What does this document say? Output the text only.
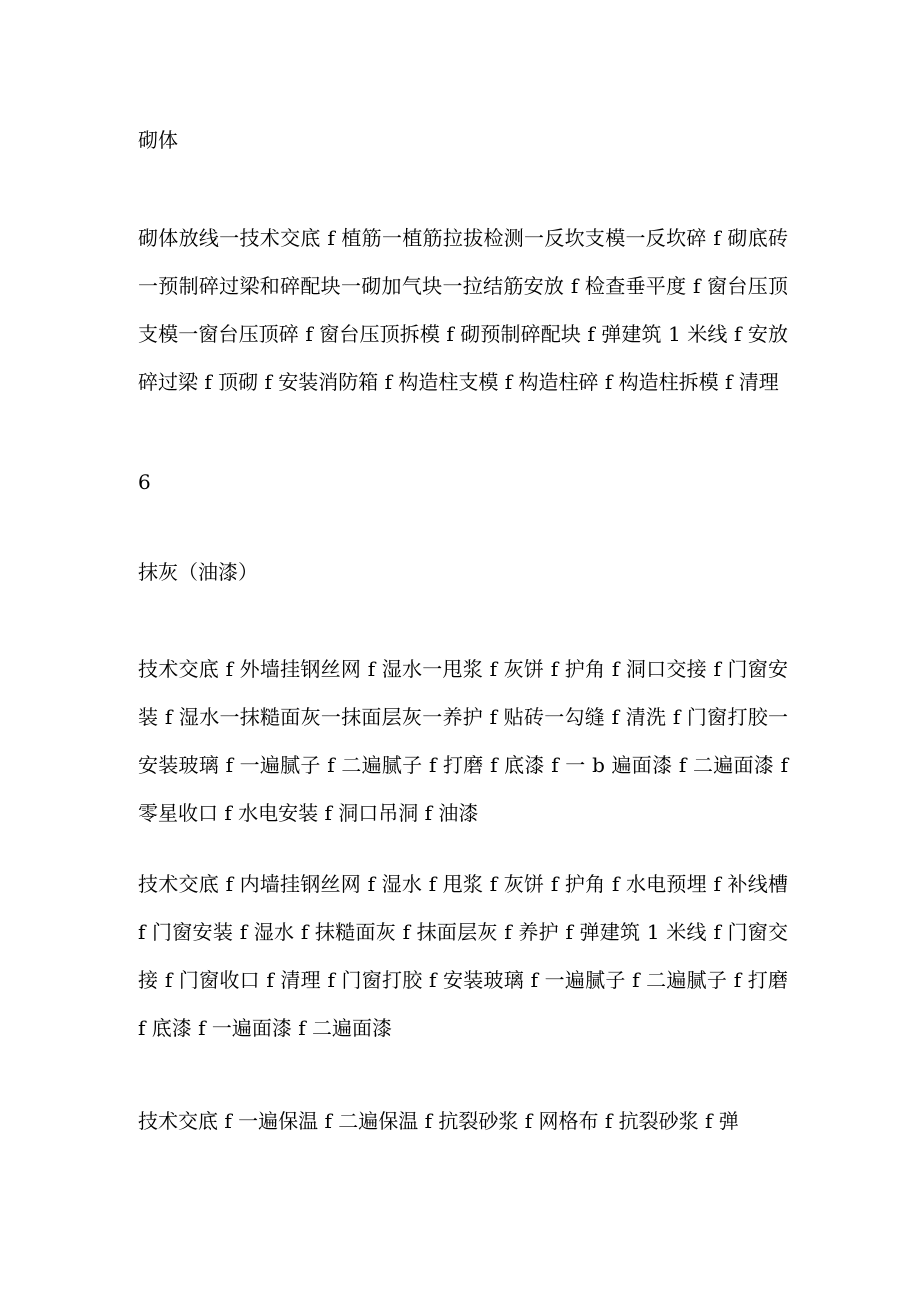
砌体

砌体放线一技术交底 f 植筋一植筋拉拔检测一反坎支模一反坎碎 f 砌底砖一预制碎过梁和碎配块一砌加气块一拉结筋安放 f 检查垂平度 f 窗台压顶支模一窗台压顶碎 f 窗台压顶拆模 f 砌预制碎配块 f 弹建筑 1 米线 f 安放碎过梁 f 顶砌 f 安装消防箱 f 构造柱支模 f 构造柱碎 f 构造柱拆模 f 清理

6

抹灰（油漆）

技术交底 f 外墙挂钢丝网 f 湿水一甩浆 f 灰饼 f 护角 f 洞口交接 f 门窗安装 f 湿水一抹糙面灰一抹面层灰一养护 f 贴砖一勾缝 f 清洗 f 门窗打胶一安装玻璃 f 一遍腻子 f 二遍腻子 f 打磨 f 底漆 f 一 b 遍面漆 f 二遍面漆 f 零星收口 f 水电安装 f 洞口吊洞 f 油漆

技术交底 f 内墙挂钢丝网 f 湿水 f 甩浆 f 灰饼 f 护角 f 水电预埋 f 补线槽 f 门窗安装 f 湿水 f 抹糙面灰 f 抹面层灰 f 养护 f 弹建筑 1 米线 f 门窗交接 f 门窗收口 f 清理 f 门窗打胶 f 安装玻璃 f 一遍腻子 f 二遍腻子 f 打磨 f 底漆 f 一遍面漆 f 二遍面漆

技术交底 f 一遍保温 f 二遍保温 f 抗裂砂浆 f 网格布 f 抗裂砂浆 f 弹
